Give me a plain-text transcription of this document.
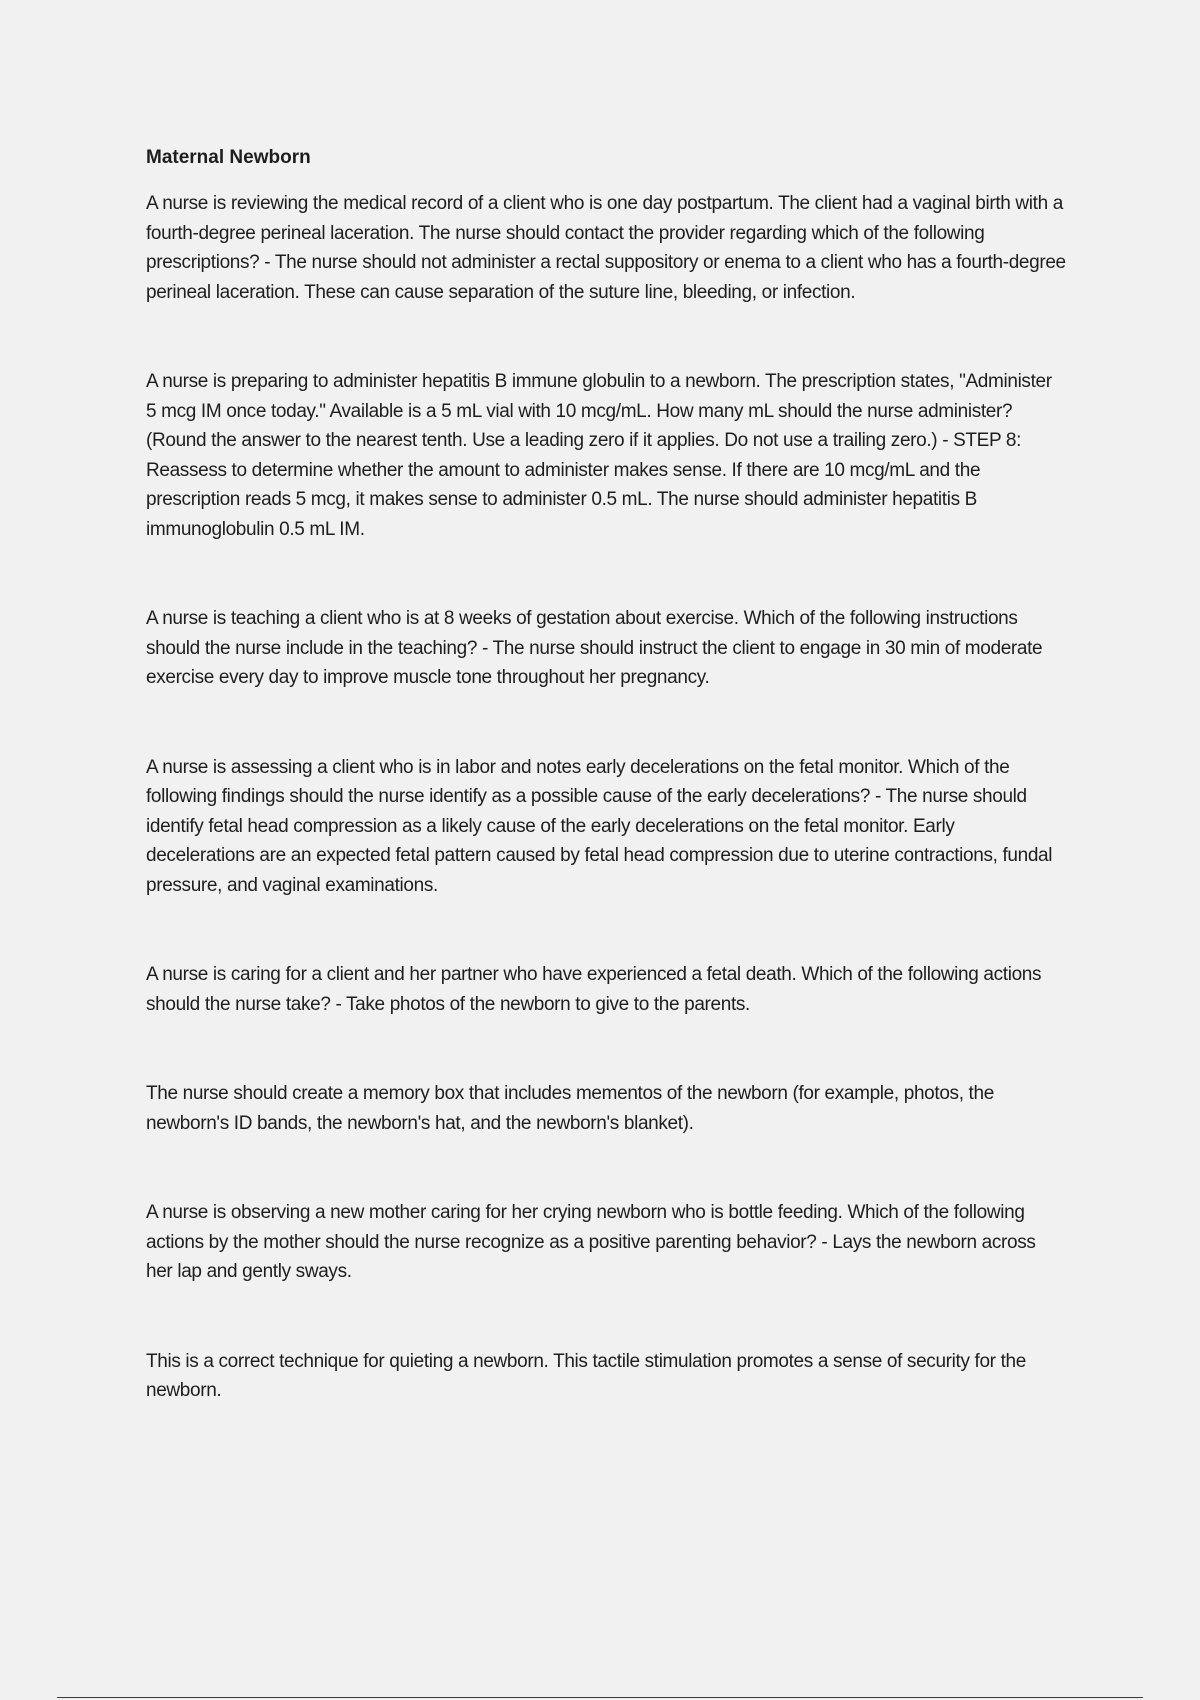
Maternal Newborn

A nurse is reviewing the medical record of a client who is one day postpartum. The client had a vaginal birth with a fourth-degree perineal laceration. The nurse should contact the provider regarding which of the following prescriptions? - The nurse should not administer a rectal suppository or enema to a client who has a fourth-degree perineal laceration. These can cause separation of the suture line, bleeding, or infection.

A nurse is preparing to administer hepatitis B immune globulin to a newborn. The prescription states, "Administer 5 mcg IM once today." Available is a 5 mL vial with 10 mcg/mL. How many mL should the nurse administer? (Round the answer to the nearest tenth. Use a leading zero if it applies. Do not use a trailing zero.) - STEP 8: Reassess to determine whether the amount to administer makes sense. If there are 10 mcg/mL and the prescription reads 5 mcg, it makes sense to administer 0.5 mL. The nurse should administer hepatitis B immunoglobulin 0.5 mL IM.

A nurse is teaching a client who is at 8 weeks of gestation about exercise. Which of the following instructions should the nurse include in the teaching? - The nurse should instruct the client to engage in 30 min of moderate exercise every day to improve muscle tone throughout her pregnancy.

A nurse is assessing a client who is in labor and notes early decelerations on the fetal monitor. Which of the following findings should the nurse identify as a possible cause of the early decelerations? - The nurse should identify fetal head compression as a likely cause of the early decelerations on the fetal monitor. Early decelerations are an expected fetal pattern caused by fetal head compression due to uterine contractions, fundal pressure, and vaginal examinations.

A nurse is caring for a client and her partner who have experienced a fetal death. Which of the following actions should the nurse take? - Take photos of the newborn to give to the parents.

The nurse should create a memory box that includes mementos of the newborn (for example, photos, the newborn's ID bands, the newborn's hat, and the newborn's blanket).

A nurse is observing a new mother caring for her crying newborn who is bottle feeding. Which of the following actions by the mother should the nurse recognize as a positive parenting behavior? - Lays the newborn across her lap and gently sways.

This is a correct technique for quieting a newborn. This tactile stimulation promotes a sense of security for the newborn.
